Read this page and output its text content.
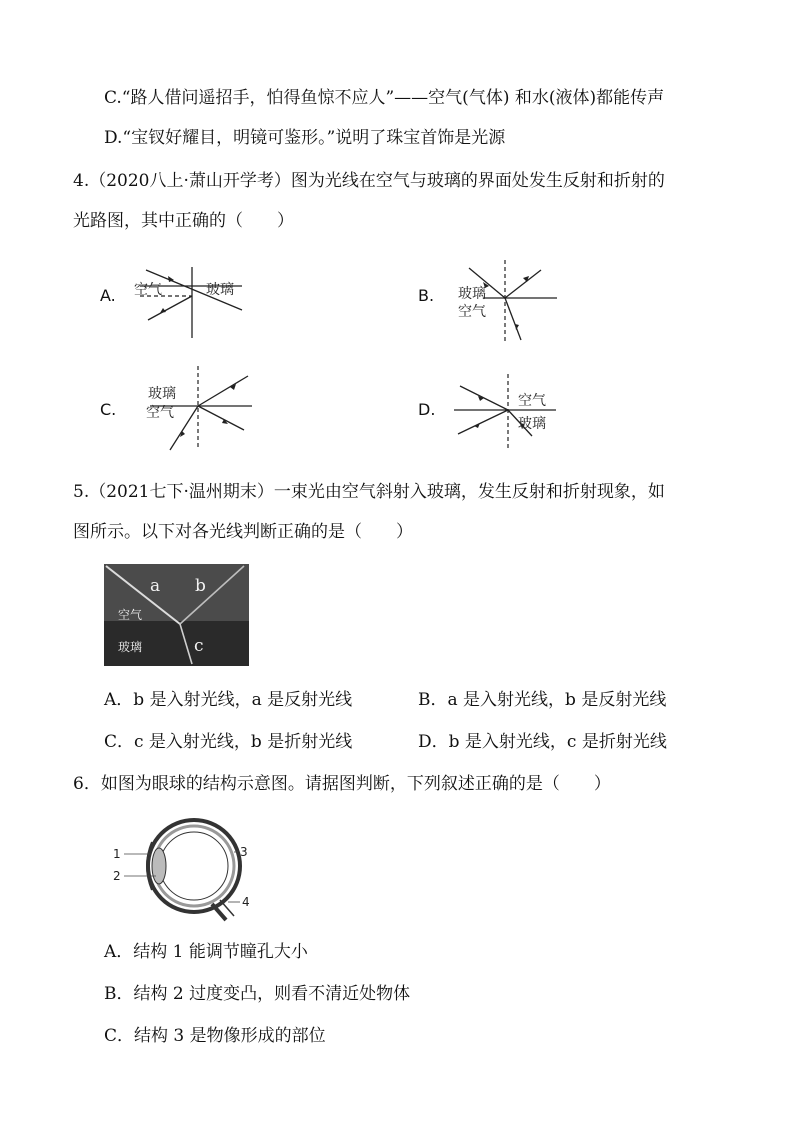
C.“路人借问遥招手，怕得鱼惊不应人”——空气(气体) 和水(液体)都能传声
D.“宝钗好耀目，明镜可鉴形。”说明了珠宝首饰是光源
4.（2020八上·萧山开学考）图为光线在空气与玻璃的界面处发生反射和折射的
光路图，其中正确的（　　）
A. 空气	玻璃	B. 玻璃
空气
C.
玻璃
空气	D.	空气
玻璃
5.（2021七下·温州期末）一束光由空气斜射入玻璃，发生反射和折射现象，如
图所示。以下对各光线判断正确的是（　　）
a b
c
空气
玻璃
A．b 是入射光线，a 是反射光线	B．a 是入射光线，b 是反射光线
C．c 是入射光线，b 是折射光线	D．b 是入射光线，c 是折射光线
6．如图为眼球的结构示意图。请据图判断，下列叙述正确的是（　　）
1
2
3
4
A．结构 1 能调节瞳孔大小
B．结构 2 过度变凸，则看不清近处物体
C．结构 3 是物像形成的部位
